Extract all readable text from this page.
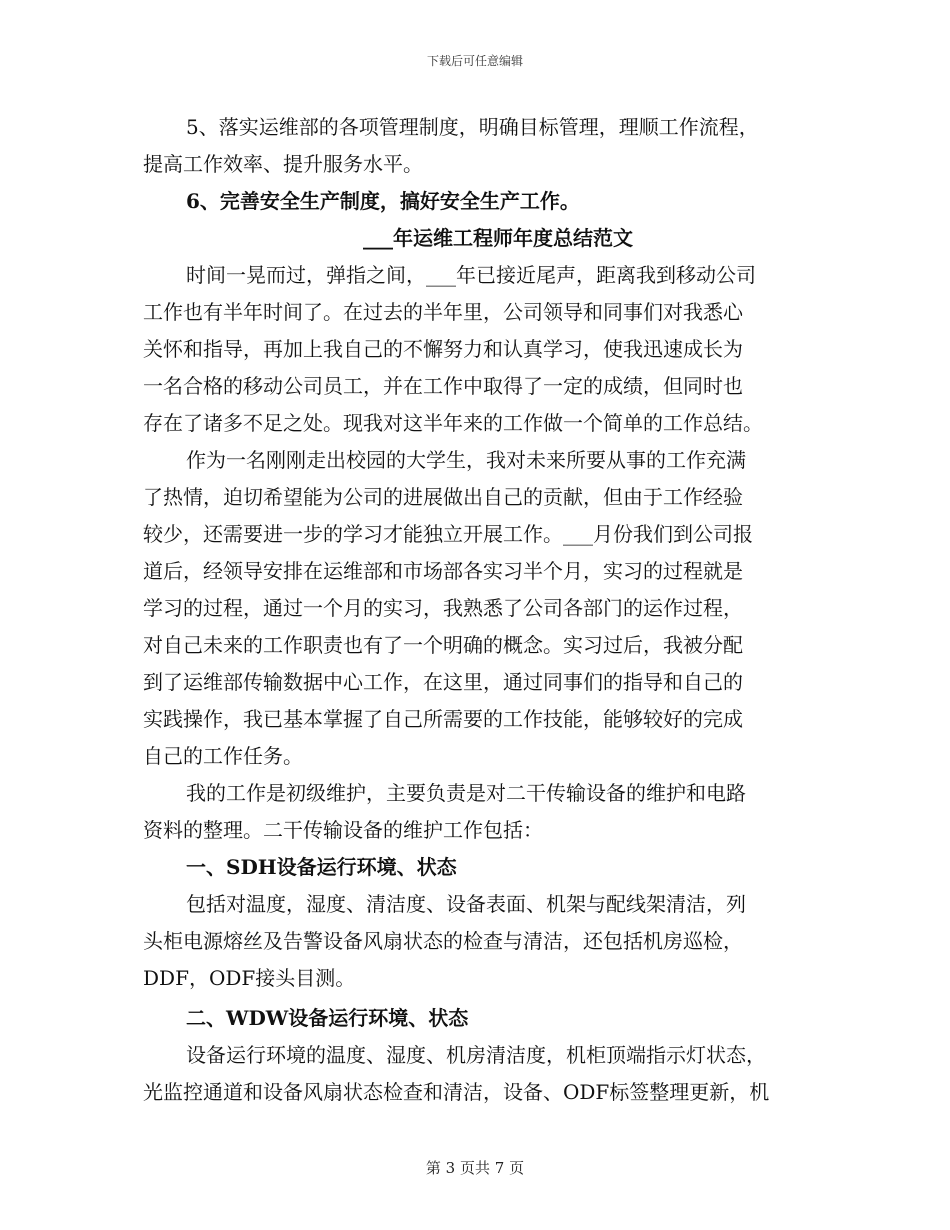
下载后可任意编辑
5、落实运维部的各项管理制度，明确目标管理，理顺工作流程，
提高工作效率、提升服务水平。
6、完善安全生产制度，搞好安全生产工作。
___年运维工程师年度总结范文
时间一晃而过，弹指之间，___年已接近尾声，距离我到移动公司
工作也有半年时间了。在过去的半年里，公司领导和同事们对我悉心
关怀和指导，再加上我自己的不懈努力和认真学习，使我迅速成长为
一名合格的移动公司员工，并在工作中取得了一定的成绩，但同时也
存在了诸多不足之处。现我对这半年来的工作做一个简单的工作总结。
作为一名刚刚走出校园的大学生，我对未来所要从事的工作充满
了热情，迫切希望能为公司的进展做出自己的贡献，但由于工作经验
较少，还需要进一步的学习才能独立开展工作。___月份我们到公司报
道后，经领导安排在运维部和市场部各实习半个月，实习的过程就是
学习的过程，通过一个月的实习，我熟悉了公司各部门的运作过程，
对自己未来的工作职责也有了一个明确的概念。实习过后，我被分配
到了运维部传输数据中心工作，在这里，通过同事们的指导和自己的
实践操作，我已基本掌握了自己所需要的工作技能，能够较好的完成
自己的工作任务。
我的工作是初级维护，主要负责是对二干传输设备的维护和电路
资料的整理。二干传输设备的维护工作包括：
一、SDH设备运行环境、状态
包括对温度，湿度、清洁度、设备表面、机架与配线架清洁，列
头柜电源熔丝及告警设备风扇状态的检查与清洁，还包括机房巡检，
DDF，ODF接头目测。
二、WDW设备运行环境、状态
设备运行环境的温度、湿度、机房清洁度，机柜顶端指示灯状态，
光监控通道和设备风扇状态检查和清洁，设备、ODF标签整理更新，机
第 3 页共 7 页
